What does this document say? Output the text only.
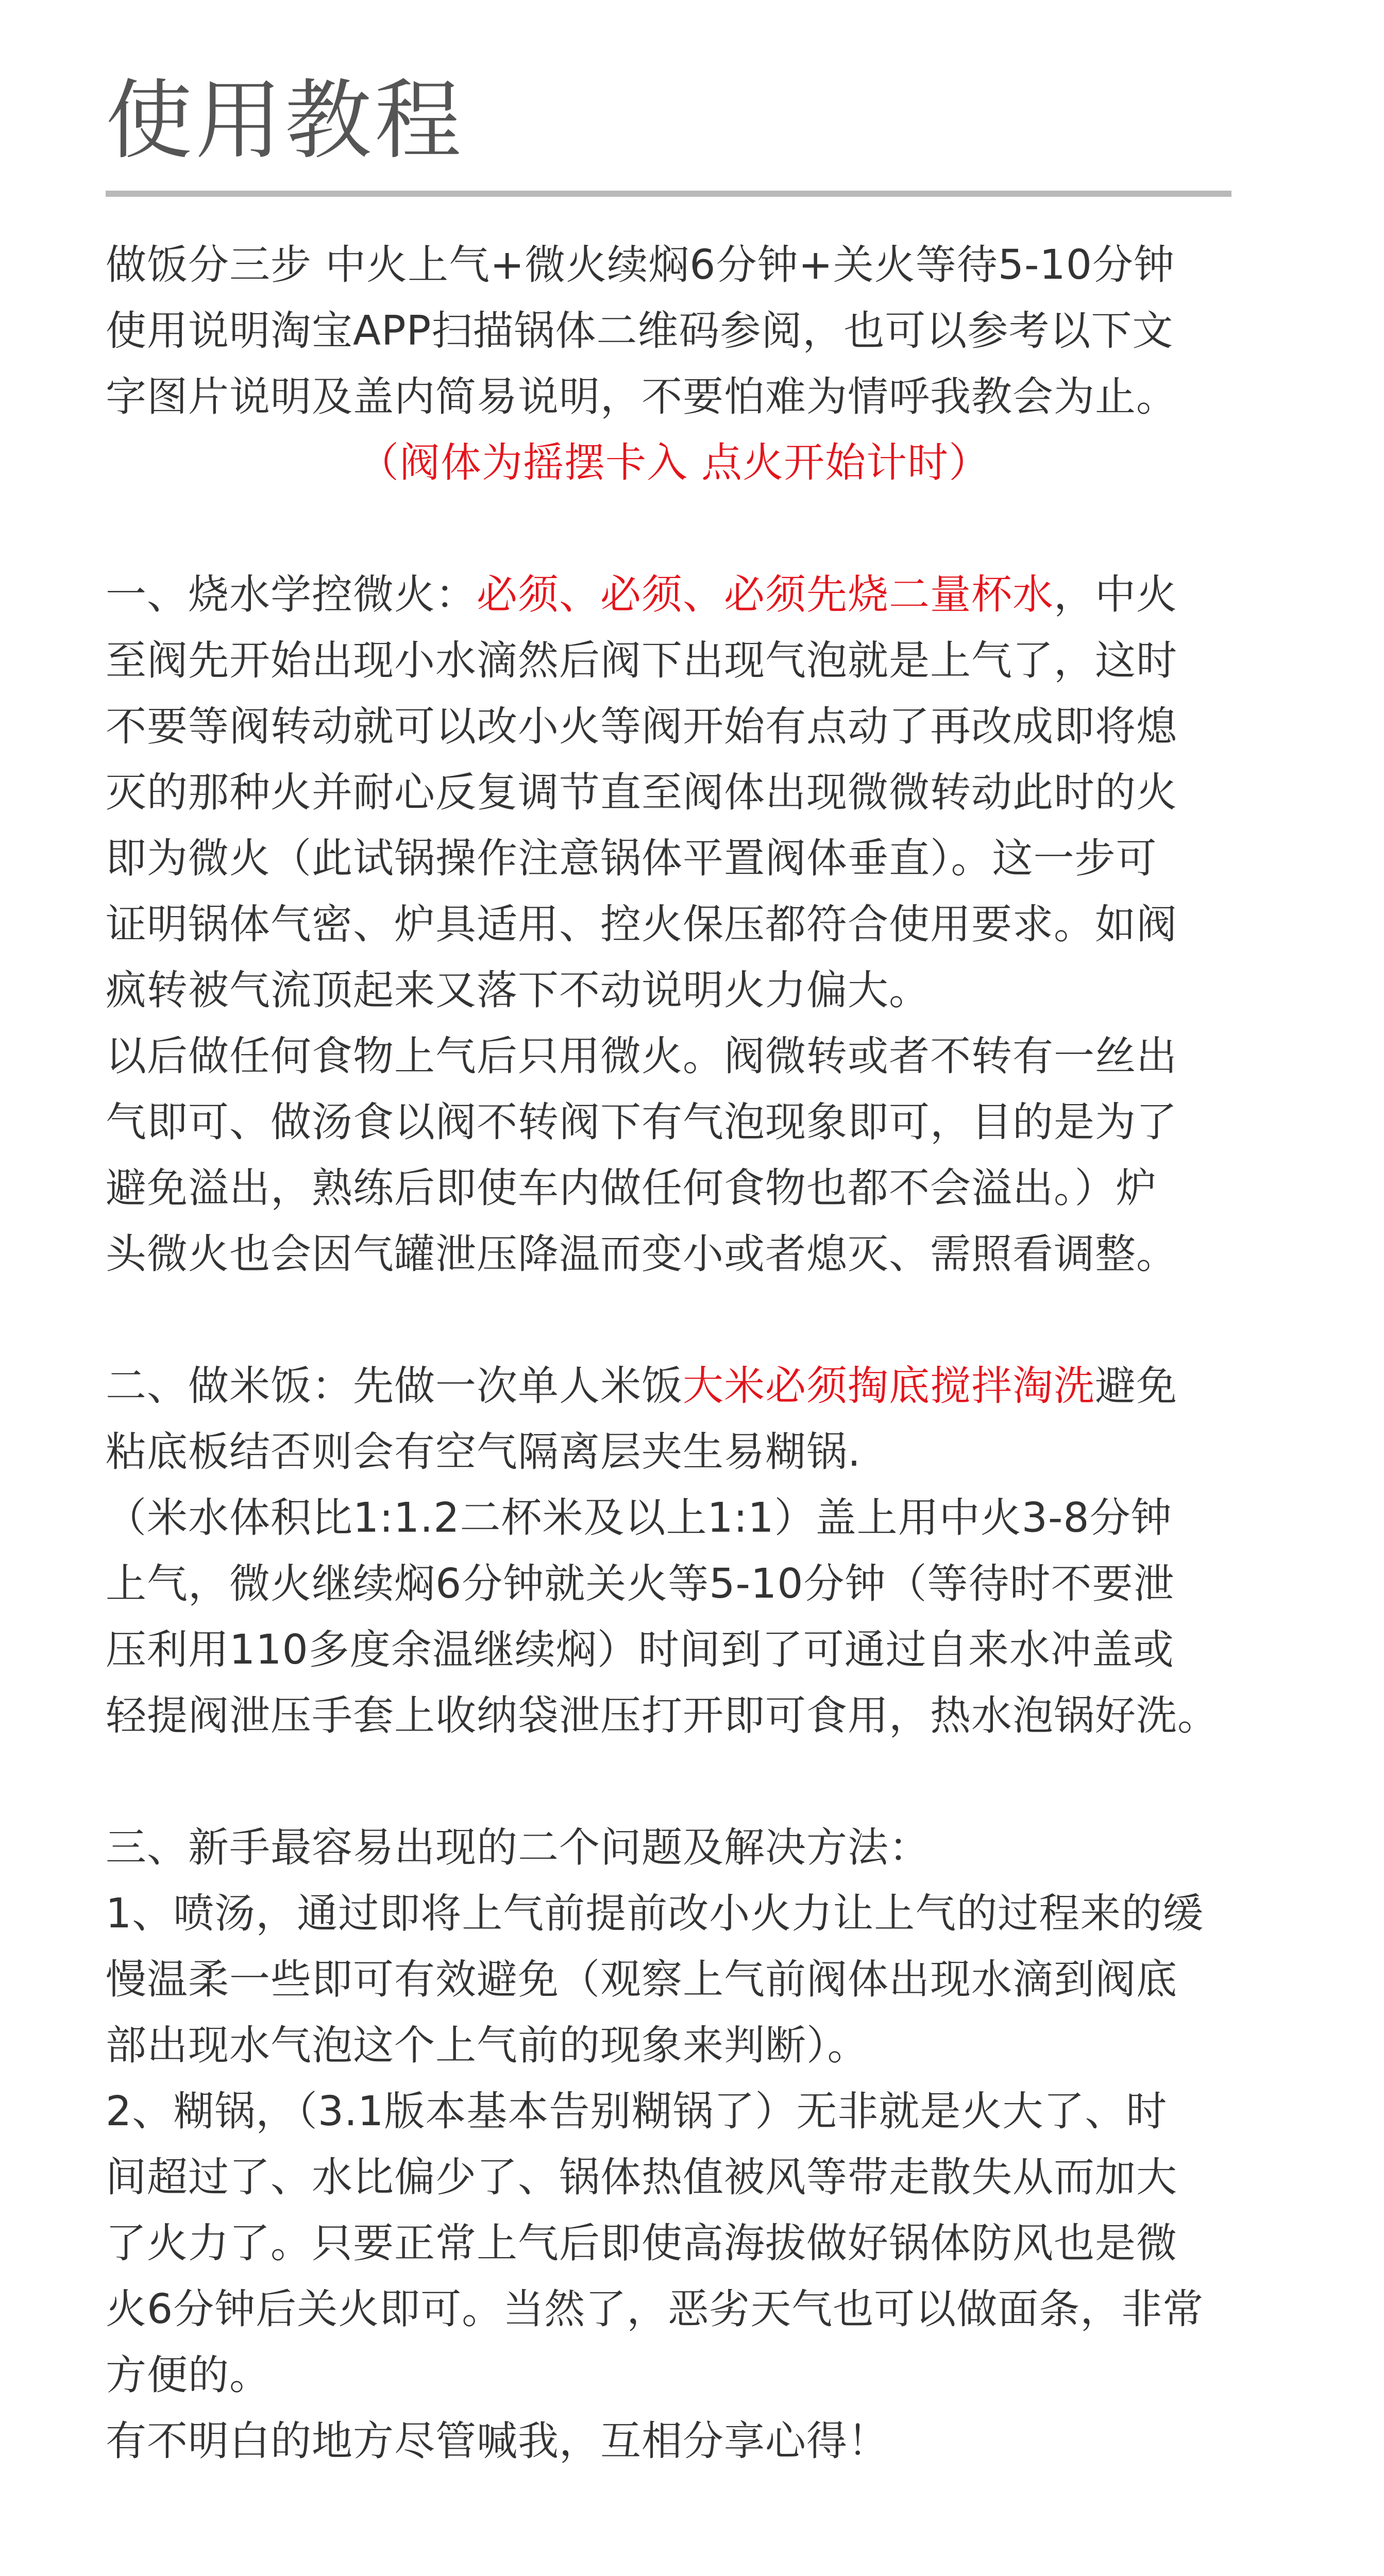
使用教程

做饭分三步 中火上气+微火续焖6分钟+关火等待5-10分钟

使用说明淘宝APP扫描锅体二维码参阅，也可以参考以下文

字图片说明及盖内简易说明，不要怕难为情呼我教会为止。

（阀体为摇摆卡入 点火开始计时）

一、烧水学控微火：必须、必须、必须先烧二量杯水，中火

至阀先开始出现小水滴然后阀下出现气泡就是上气了，这时

不要等阀转动就可以改小火等阀开始有点动了再改成即将熄

灭的那种火并耐心反复调节直至阀体出现微微转动此时的火

即为微火（此试锅操作注意锅体平置阀体垂直）。这一步可

证明锅体气密、炉具适用、控火保压都符合使用要求。如阀

疯转被气流顶起来又落下不动说明火力偏大。

以后做任何食物上气后只用微火。阀微转或者不转有一丝出

气即可、做汤食以阀不转阀下有气泡现象即可，目的是为了

避免溢出，熟练后即使车内做任何食物也都不会溢出。）炉

头微火也会因气罐泄压降温而变小或者熄灭、需照看调整。

二、做米饭：先做一次单人米饭大米必须掏底搅拌淘洗避免

粘底板结否则会有空气隔离层夹生易糊锅.

（米水体积比1:1.2二杯米及以上1:1）盖上用中火3-8分钟

上气，微火继续焖6分钟就关火等5-10分钟（等待时不要泄

压利用110多度余温继续焖）时间到了可通过自来水冲盖或

轻提阀泄压手套上收纳袋泄压打开即可食用，热水泡锅好洗。

三、新手最容易出现的二个问题及解决方法：

1、喷汤，通过即将上气前提前改小火力让上气的过程来的缓

慢温柔一些即可有效避免（观察上气前阀体出现水滴到阀底

部出现水气泡这个上气前的现象来判断）。

2、糊锅，（3.1版本基本告别糊锅了）无非就是火大了、时

间超过了、水比偏少了、锅体热值被风等带走散失从而加大

了火力了。只要正常上气后即使高海拔做好锅体防风也是微

火6分钟后关火即可。当然了，恶劣天气也可以做面条，非常

方便的。

有不明白的地方尽管喊我，互相分享心得！
